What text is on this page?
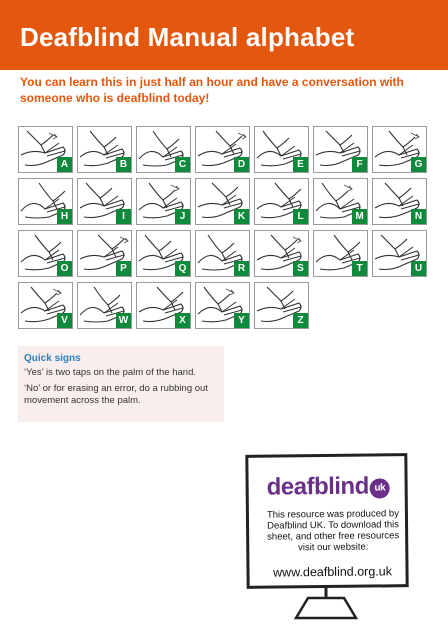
Deafblind Manual alphabet

You can learn this in just half an hour and have a conversation with someone who is deafblind today!

A	B	C	D	E	F	G
H	I	J	K	L	M	N
O	P	Q	R	S	T	U
V	W	X	Y	Z
Quick signs

‘Yes’ is two taps on the palm of the hand.

‘No’ or for erasing an error, do a rubbing out movement across the palm.

deafblind uk
This resource was produced by Deafblind UK. To download this sheet, and other free resources visit our website:
www.deafblind.org.uk
